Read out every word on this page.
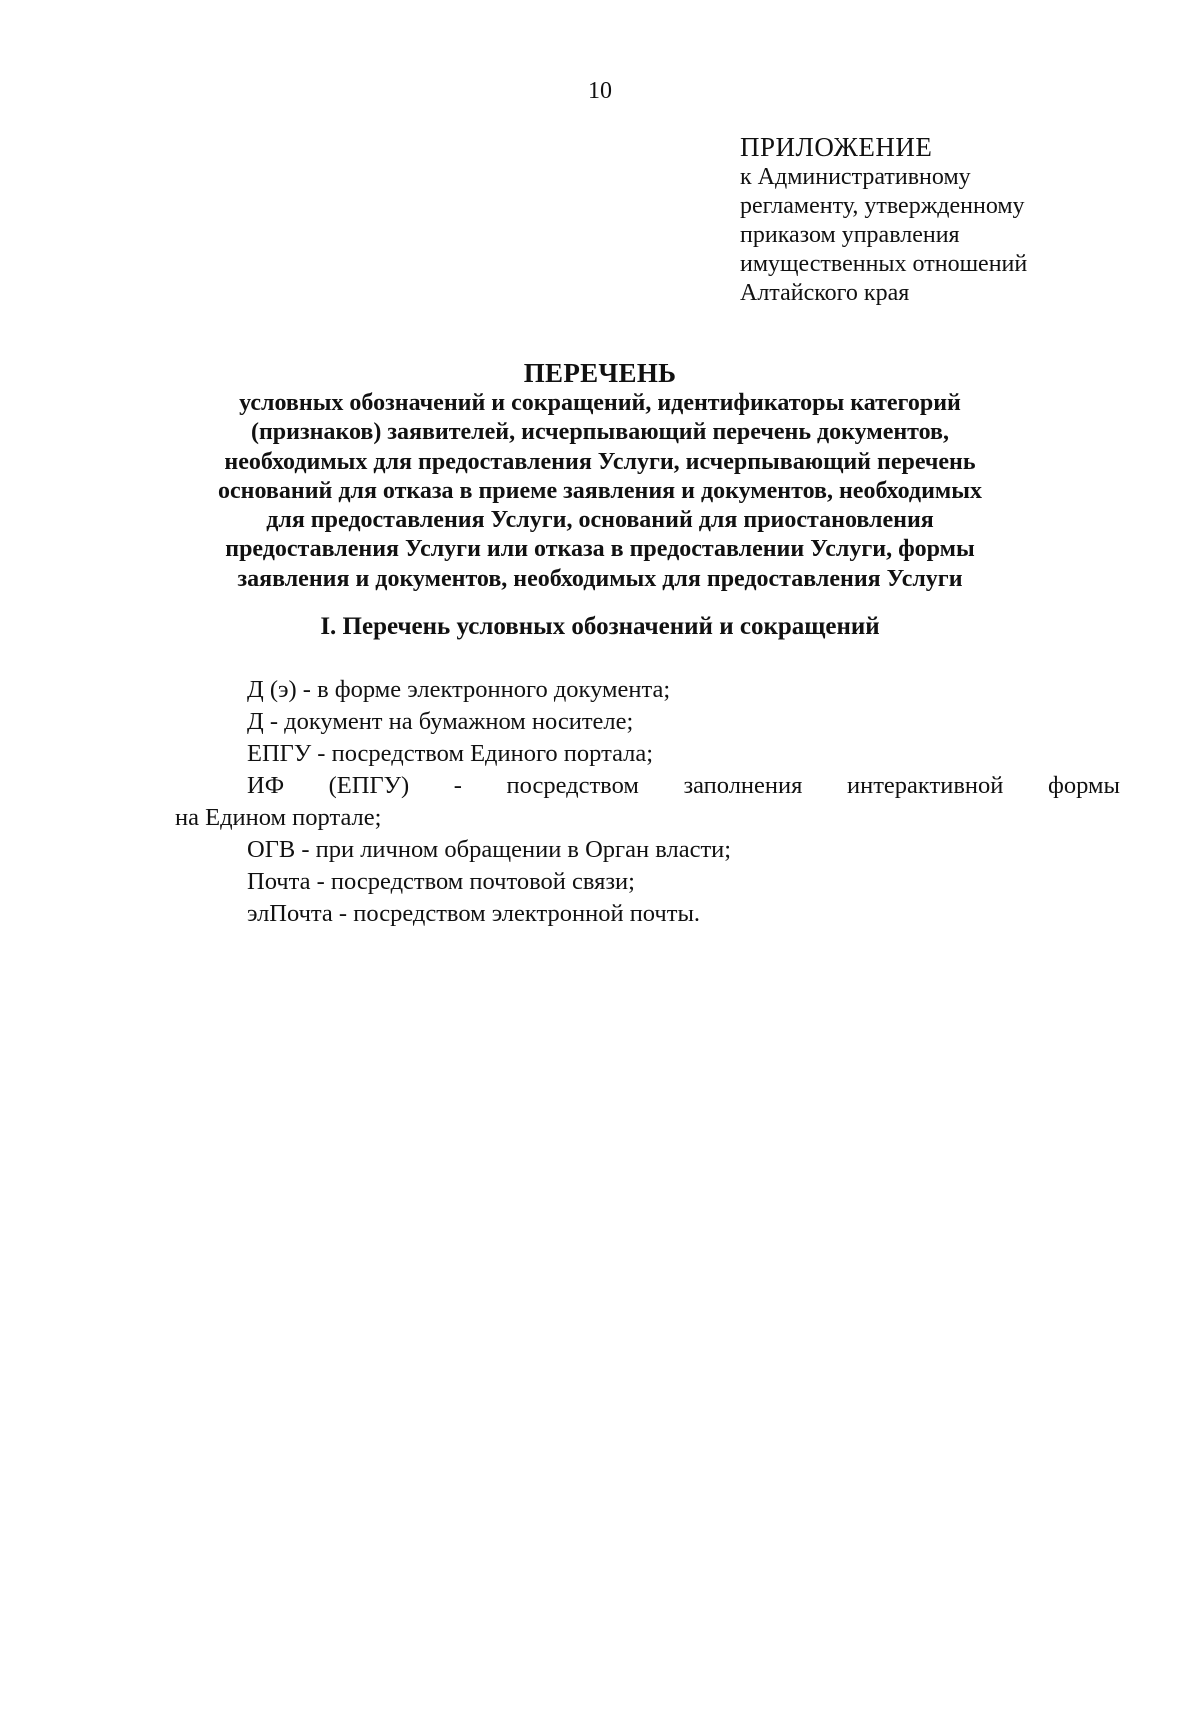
10

ПРИЛОЖЕНИЕ

к Административному

регламенту, утвержденному

приказом управления

имущественных отношений

Алтайского края

ПЕРЕЧЕНЬ

условных обозначений и сокращений, идентификаторы категорий

(признаков) заявителей, исчерпывающий перечень документов,

необходимых для предоставления Услуги, исчерпывающий перечень

оснований для отказа в приеме заявления и документов, необходимых

для предоставления Услуги, оснований для приостановления

предоставления Услуги или отказа в предоставлении Услуги, формы

заявления и документов, необходимых для предоставления Услуги

I. Перечень условных обозначений и сокращений

Д (э) - в форме электронного документа;

Д - документ на бумажном носителе;

ЕПГУ - посредством Единого портала;

ИФ (ЕПГУ) - посредством заполнения интерактивной формы

на Едином портале;

ОГВ - при личном обращении в Орган власти;

Почта - посредством почтовой связи;

элПочта - посредством электронной почты.
